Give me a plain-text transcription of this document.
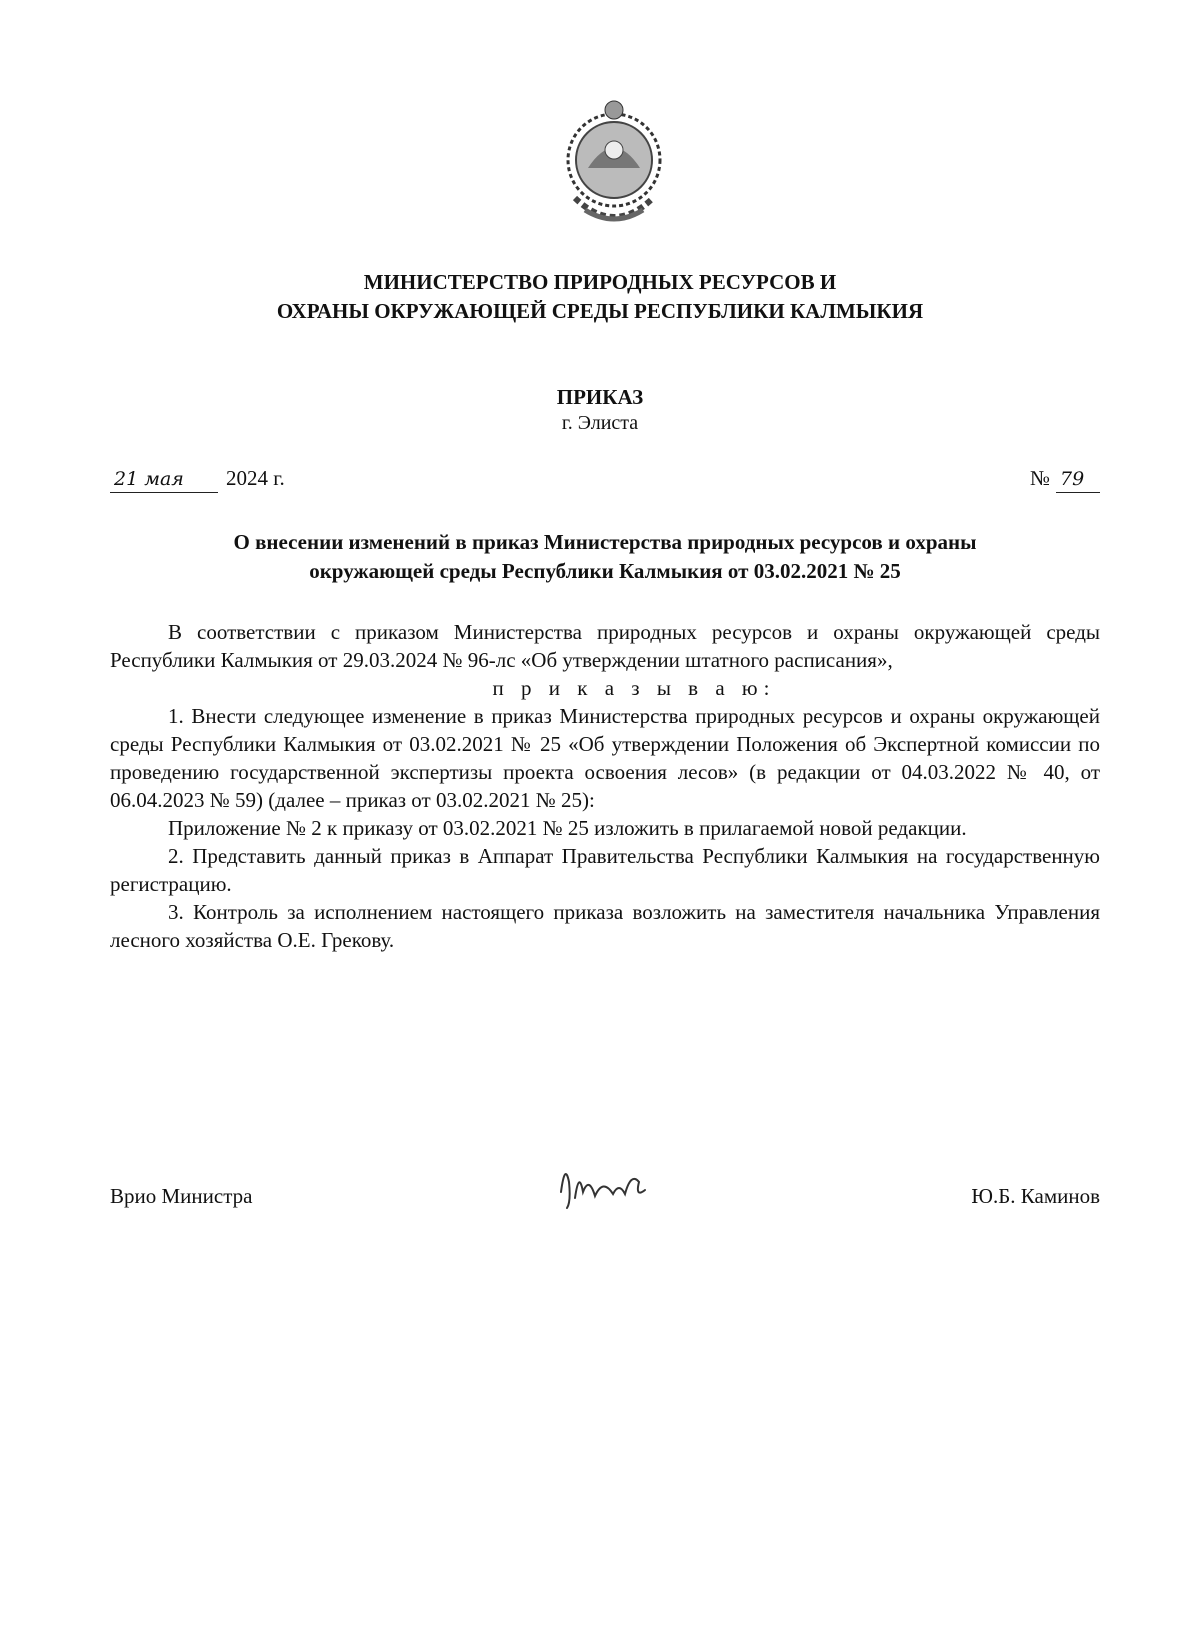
МИНИСТЕРСТВО ПРИРОДНЫХ РЕСУРСОВ И
ОХРАНЫ ОКРУЖАЮЩЕЙ СРЕДЫ РЕСПУБЛИКИ КАЛМЫКИЯ
ПРИКАЗ
г. Элиста
21 мая 2024 г.	№ 79
О внесении изменений в приказ Министерства природных ресурсов и охраны
окружающей среды Республики Калмыкия от 03.02.2021 № 25

В соответствии с приказом Министерства природных ресурсов и охраны окружающей среды Республики Калмыкия от 29.03.2024 № 96-лс «Об утверждении штатного расписания»,

п р и к а з ы в а ю:

1. Внести следующее изменение в приказ Министерства природных ресурсов и охраны окружающей среды Республики Калмыкия от 03.02.2021 № 25 «Об утверждении Положения об Экспертной комиссии по проведению государственной экспертизы проекта освоения лесов» (в редакции от 04.03.2022 № 40, от 06.04.2023 № 59) (далее – приказ от 03.02.2021 № 25):

Приложение № 2 к приказу от 03.02.2021 № 25 изложить в прилагаемой новой редакции.

2. Представить данный приказ в Аппарат Правительства Республики Калмыкия на государственную регистрацию.

3. Контроль за исполнением настоящего приказа возложить на заместителя начальника Управления лесного хозяйства О.Е. Грекову.

Врио Министра	Ю.Б. Каминов
